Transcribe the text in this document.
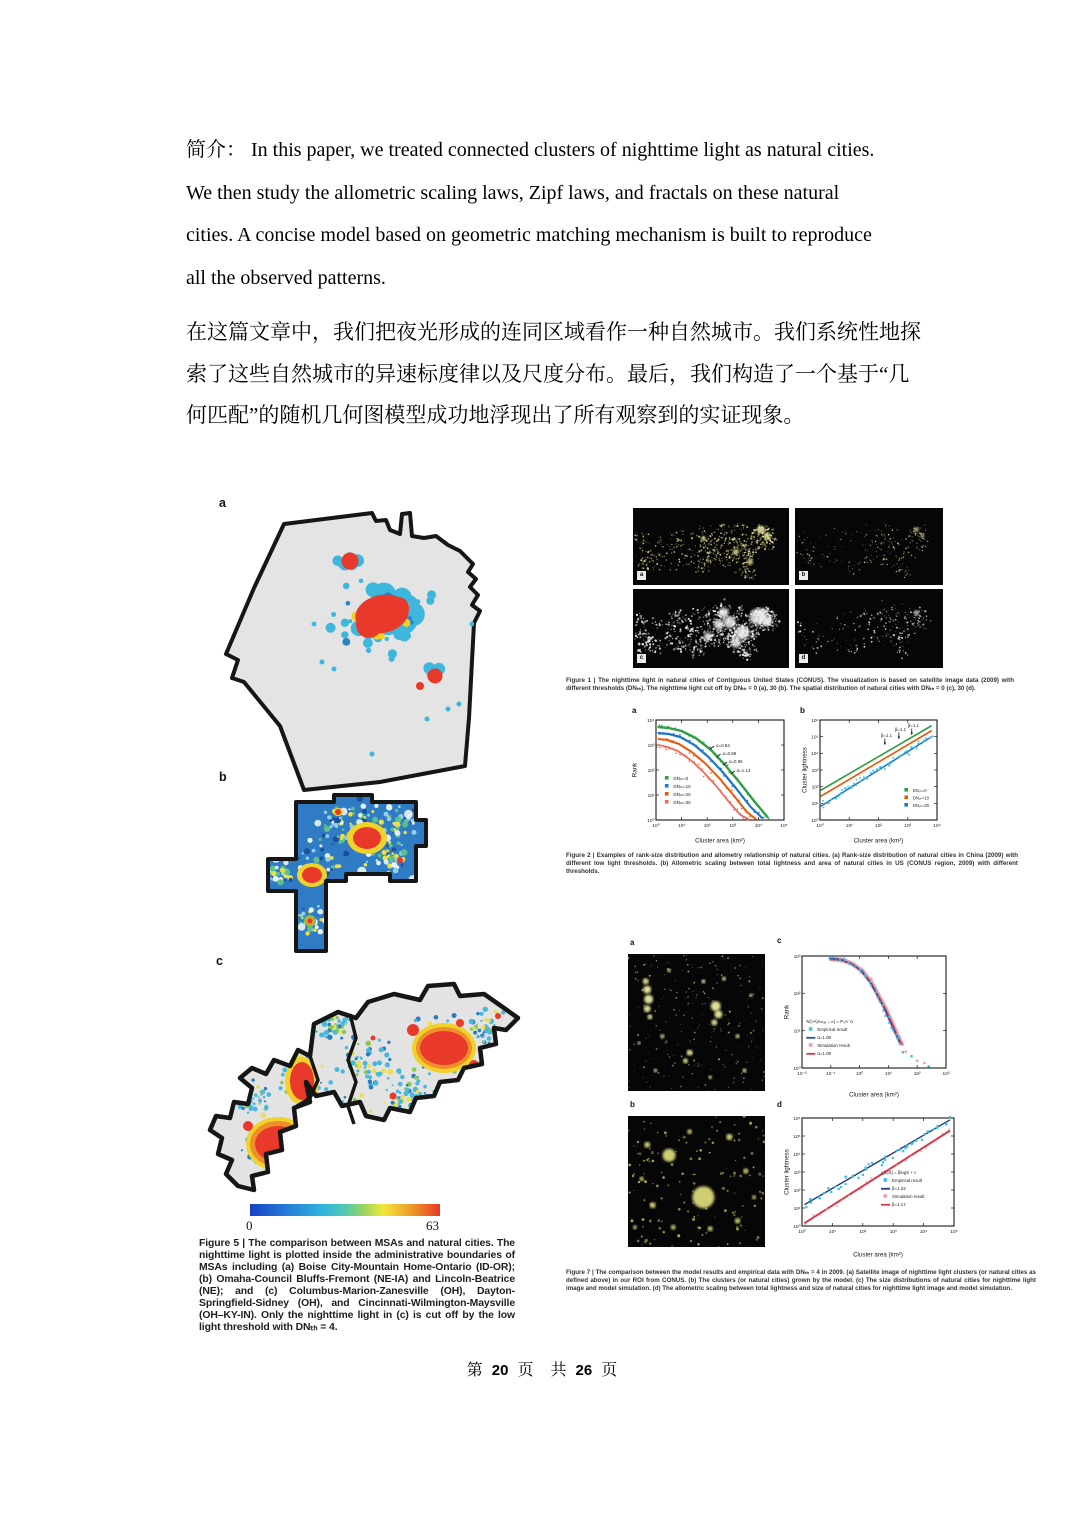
简介： In this paper, we treated connected clusters of nighttime light as natural cities.
We then study the allometric scaling laws, Zipf laws, and fractals on these natural
cities. A concise model based on geometric matching mechanism is built to reproduce
all the observed patterns.
在这篇文章中，我们把夜光形成的连同区域看作一种自然城市。我们系统性地探
索了这些自然城市的异速标度律以及尺度分布。最后，我们构造了一个基于“几
何匹配”的随机几何图模型成功地浮现出了所有观察到的实证现象。
a
b
c
0	63
Figure 5 | The comparison between MSAs and natural cities. The nighttime light is plotted inside the administrative boundaries of MSAs including (a) Boise City-Mountain Home-Ontario (ID-OR); (b) Omaha-Council Bluffs-Fremont (NE-IA) and Lincoln-Beatrice (NE); and (c) Columbus-Marion-Zanesville (OH), Dayton-Springfield-Sidney (OH), and Cincinnati-Wilmington-Maysville (OH–KY-IN). Only the nighttime light in (c) is cut off by the low light threshold with DNₜₕ = 4.
a	b
c	d
Figure 1 | The nighttime light in natural cities of Contiguous United States (CONUS). The visualization is based on satellite image data (2009) with different thresholds (DNₜₕ). The nighttime light cut off by DNₜₕ = 0 (a), 30 (b). The spatial distribution of natural cities with DNₜₕ = 0 (c), 30 (d).
a	b
10⁰	10¹	10²	10³	10⁴	10⁵
10⁰
10¹
10²
10³
10⁴
Cluster area (km²)
Rank
α=0.84
α=0.89
α=0.95
α=1.13
DNₜₕ=0
DNₜₕ=10
DNₜₕ=20
DNₜₕ=30
10⁰	10¹	10²	10³	10⁴
10⁰
10¹
10²
10³
10⁴
10⁵
10⁶
Cluster area (km²)
Cluster lightness
β=1.1
β=1.1
β=1.1
DNₜₕ=0
DNₜₕ=10
DNₜₕ=30
Figure 2 | Examples of rank-size distribution and allometry relationship of natural cities. (a) Rank-size distribution of natural cities in China (2009) with different low light thresholds. (b) Allometric scaling between total lightness and area of natural cities in US (CONUS region, 2009) with different thresholds.
a	c
10⁻²	10⁻¹	10⁰	10¹	10²	10³
10⁰
10¹
10²
10³
Cluster area (km²)
Rank
N(>A|Aₘₐₓ→∞) = P₀A⁻α
Empirical result
α=1.08
Simulation result
α=1.09
b	d
10⁰	10¹	10²	10³	10⁴	10⁵
10⁰
10¹
10²
10³
10⁴
10⁵
10⁶
Cluster area (km²)
Cluster lightness	q(L|S) = βlogS + c
Empirical result
β=1.22
Simulation result
β=1.17
Figure 7 | The comparison between the model results and empirical data with DNₜₕ = 4 in 2009. (a) Satellite image of nighttime light clusters (or natural cities as defined above) in our ROI from CONUS. (b) The clusters (or natural cities) grown by the model. (c) The size distributions of natural cities for nighttime light image and model simulation. (d) The allometric scaling between total lightness and size of natural cities for nighttime light image and model simulation.
第 20 页 共 26 页
